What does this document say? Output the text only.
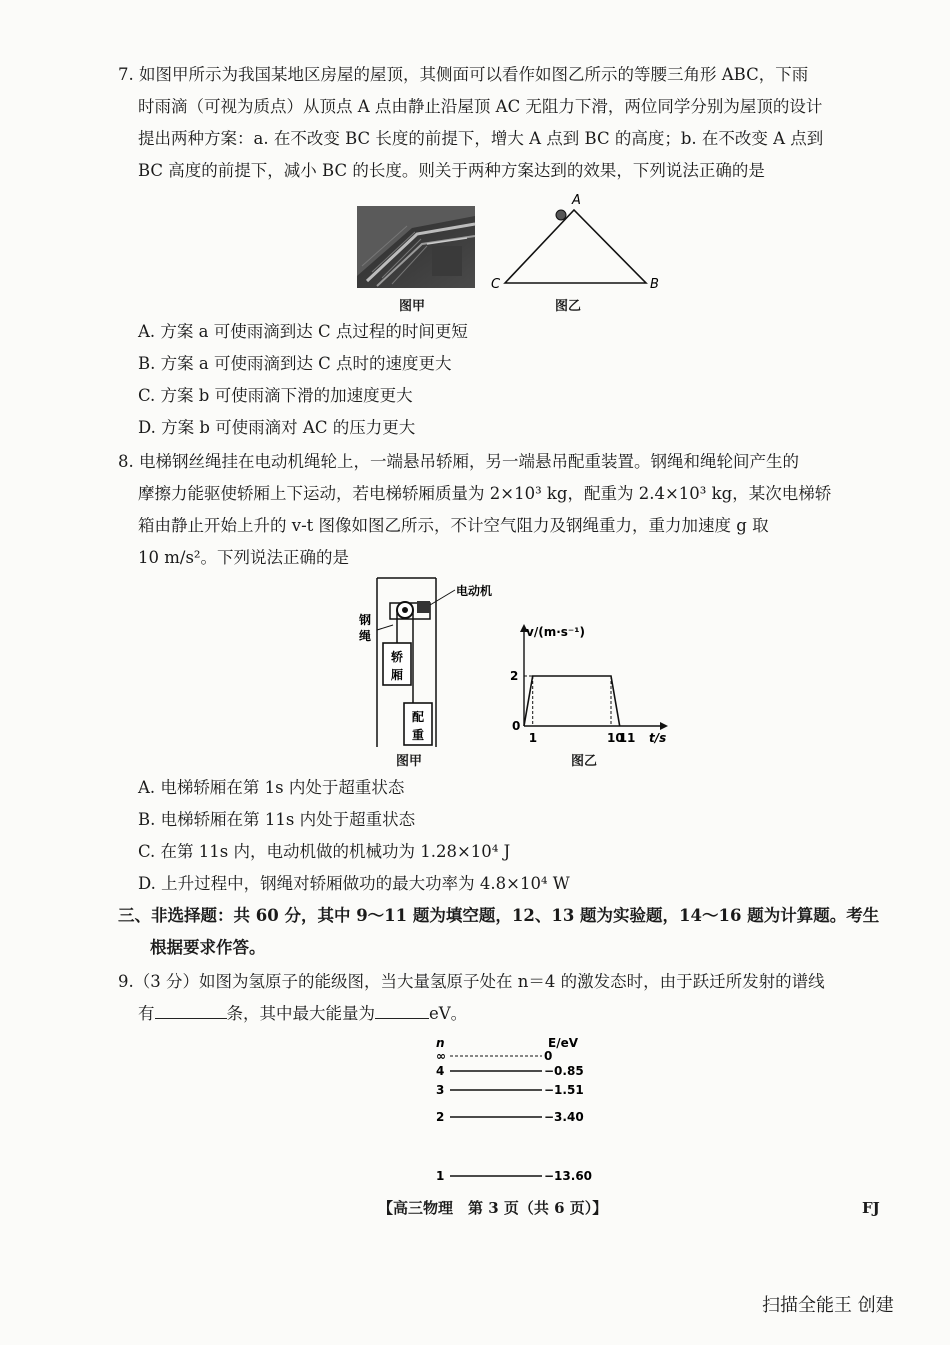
7. 如图甲所示为我国某地区房屋的屋顶，其侧面可以看作如图乙所示的等腰三角形 ABC，下雨
时雨滴（可视为质点）从顶点 A 点由静止沿屋顶 AC 无阻力下滑，两位同学分别为屋顶的设计
提出两种方案：a. 在不改变 BC 长度的前提下，增大 A 点到 BC 的高度；b. 在不改变 A 点到
BC 高度的前提下，减小 BC 的长度。则关于两种方案达到的效果，下列说法正确的是
图甲
A
C	B
图乙
A. 方案 a 可使雨滴到达 C 点过程的时间更短
B. 方案 a 可使雨滴到达 C 点时的速度更大
C. 方案 b 可使雨滴下滑的加速度更大
D. 方案 b 可使雨滴对 AC 的压力更大
8. 电梯钢丝绳挂在电动机绳轮上，一端悬吊轿厢，另一端悬吊配重装置。钢绳和绳轮间产生的
摩擦力能驱使轿厢上下运动，若电梯轿厢质量为 2×10³ kg，配重为 2.4×10³ kg，某次电梯轿
箱由静止开始上升的 v-t 图像如图乙所示，不计空气阻力及钢绳重力，重力加速度 g 取
10 m/s²。下列说法正确的是
电动机
钢
绳
轿
厢
配
重
图甲
v/(m·s⁻¹)
t/s
0
1	10
11
2
图乙
A. 电梯轿厢在第 1s 内处于超重状态
B. 电梯轿厢在第 11s 内处于超重状态
C. 在第 11s 内，电动机做的机械功为 1.28×10⁴ J
D. 上升过程中，钢绳对轿厢做功的最大功率为 4.8×10⁴ W
三、非选择题：共 60 分，其中 9～11 题为填空题，12、13 题为实验题，14～16 题为计算题。考生
根据要求作答。
9.（3 分）如图为氢原子的能级图，当大量氢原子处在 n＝4 的激发态时，由于跃迁所发射的谱线
有	条，其中最大能量为	eV。
n	E/eV
∞	0
4	−0.85
3	−1.51
2	−3.40
1	−13.60
【高三物理　第 3 页（共 6 页）】	FJ
扫描全能王 创建
